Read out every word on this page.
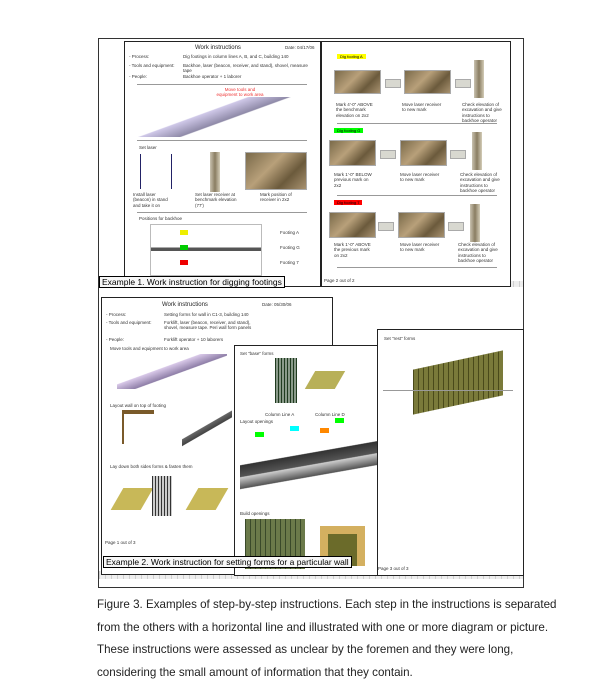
Work instructions	Date: 04/17/06
- Process:	Dig footings in column lines A, B, and C, building 140
- Tools and equipment: Backhoe, laser (beacon, receiver, and stand), shovel, measure tape
- People:	Backhoe operator + 1 laborer
Move tools and equipment to work area
Set laser
Install laser (beacon) in stand and take it on
Set laser receiver at benchmark elevation (77')
Mark position of receiver in 2x2
Positions for backhoe
Footing A
Footing G
Footing 7
Example 1. Work instruction for digging footings
Dig footing A
Mark 4'-0" ABOVE the benchmark elevation on 2x2
Move laser receiver to new mark
Check elevation of excavation and give instructions to backhoe operator
Dig footing G
Mark 1'-0" BELOW previous mark on 2x2
Move laser receiver to new mark
Check elevation of excavation and give instructions to backhoe operator
Dig footing 7
Mark 1'-0" ABOVE the previous mark on 2x2
Move laser receiver to new mark
Check elevation of excavation and give instructions to backhoe operator
Page 2 out of 2
Work instructions	Date: 05/30/06
- Process:	Setting forms for wall in C1-3, building 140
- Tools and equipment:	Forklift, laser (beacon, receiver, and stand), shovel, measure tape. Peri wall form panels
- People:	Forklift operator + 10 laborers
Move tools and equipment to work area
Layout wall on top of footing
Lay down both sides forms & fasten them
Page 1 out of 3
Set "base" forms
Column Line A	Column Line D
Layout openings

Build openings
Set "rest" forms
Page 3 out of 3
Example 2. Work instruction for setting forms for a particular wall
Figure 3. Examples of step-by-step instructions. Each step in the instructions is separated from the others with a horizontal line and illustrated with one or more diagram or picture. These instructions were assessed as unclear by the foremen and they were long, considering the small amount of information that they contain.
